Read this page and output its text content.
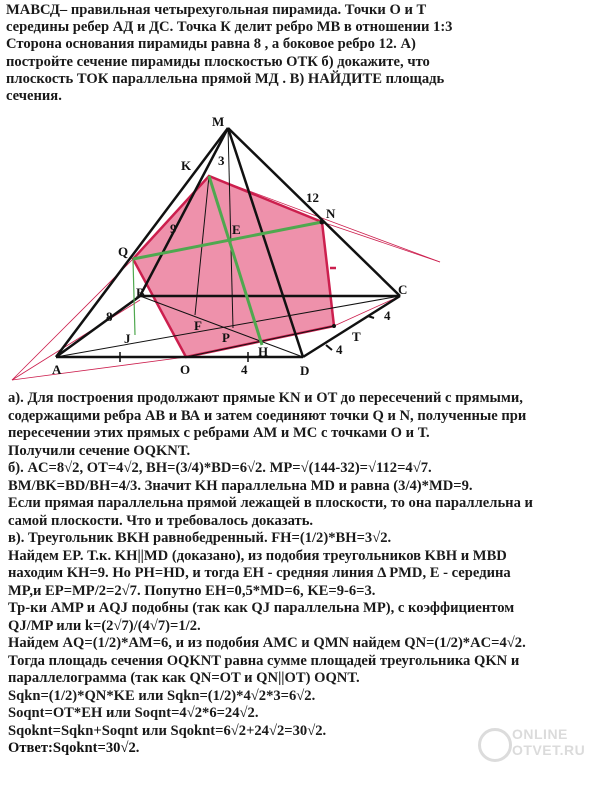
МАВСД– правильная четырехугольная пирамида. Точки О и Т
середины ребер АД и ДС. Точка К делит ребро МВ в отношении 1:3
Сторона основания пирамиды равна 8 , а боковое ребро 12. А)
постройте сечение пирамиды плоскостью ОТК б) докажите, что
плоскость ТОК параллельна прямой МД . В) НАЙДИТЕ площадь
сечения.
M
K 3
12
N
Q
9	E
C
B
8
F
P
4
J	T
4
A	O
H
4	D
а). Для построения продолжают прямые KN и OT до пересечений с прямыми,
содержащими ребра АВ и ВА и затем соединяют точки Q и N, полученные при
пересечении этих прямых с ребрами АМ и МС с точками О и Т.
Получили сечение OQKNT.
б). AC=8√2, OT=4√2, BH=(3/4)*BD=6√2. MP=√(144-32)=√112=4√7.
BM/BK=BD/BH=4/3. Значит KH параллельна MD и равна (3/4)*MD=9.
Если прямая параллельна прямой лежащей в плоскости, то она параллельна и
самой плоскости. Что и требовалось доказать.
в). Треугольник BKH равнобедренный. FH=(1/2)*BH=3√2.
Найдем EP. Т.к. KH||MD (доказано), из подобия треугольников KBH и MBD
находим KH=9. Но PH=HD, и тогда EH - средняя линия Δ PMD, E - середина
MP,и EP=MP/2=2√7. Попутно EH=0,5*MD=6, KE=9-6=3.
Тр-ки AMP и AQJ подобны (так как QJ параллельна MP), с коэффициентом
QJ/MP или k=(2√7)/(4√7)=1/2.
Найдем AQ=(1/2)*AM=6, и из подобия AMC и QMN найдем QN=(1/2)*AC=4√2.
Тогда площадь сечения OQKNT равна сумме площадей треугольника QKN и
параллелограмма (так как QN=OT и QN||OT) OQNT.
Sqkn=(1/2)*QN*KE или Sqkn=(1/2)*4√2*3=6√2.
Soqnt=OT*EH или Soqnt=4√2*6=24√2.
Sqoknt=Sqkn+Soqnt или Sqoknt=6√2+24√2=30√2.
Ответ:Sqoknt=30√2.
ONLINE
OTVET.RU
